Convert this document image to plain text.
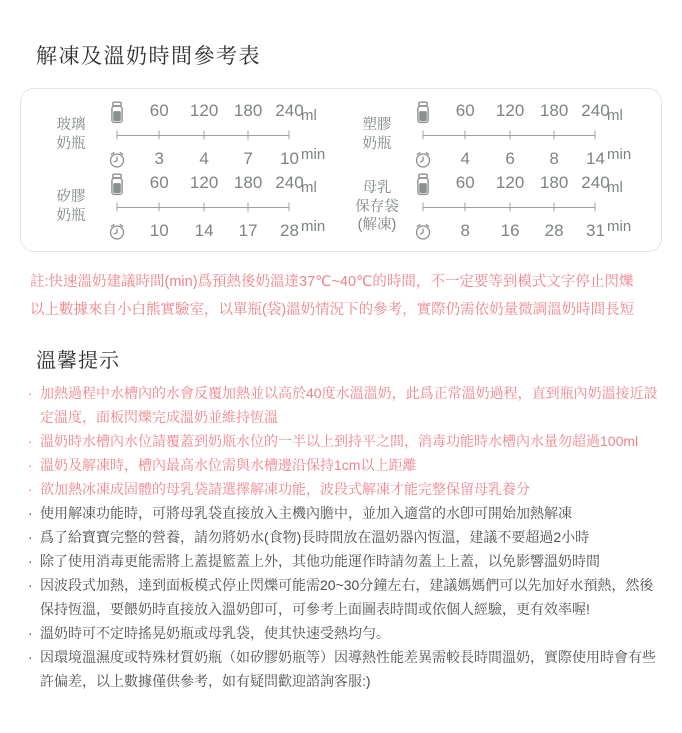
解凍及溫奶時間參考表
玻璃
奶瓶
60 120 180 240
3 4 7 10
ml
min
塑膠
奶瓶
60 120 180 240
4 6 8 14
ml
min
矽膠
奶瓶
60 120 180 240
10 14 17 28
ml
min
母乳
保存袋
(解凍)
60 120 180 240
8 16 28 31
ml
min
註:快速溫奶建議時間(min)爲預熱後奶溫達37℃~40℃的時間，不一定要等到模式文字停止閃爍
以上數據來自小白熊實驗室，以單瓶(袋)溫奶情況下的參考，實際仍需依奶量微調溫奶時間長短
溫馨提示
· 加熱過程中水槽內的水會反覆加熱並以高於40度水溫溫奶，此爲正常溫奶過程，直到瓶內奶溫接近設定溫度，面板閃爍完成溫奶並維持恆溫
· 溫奶時水槽內水位請覆蓋到奶瓶水位的一半以上到持平之間，消毒功能時水槽內水量勿超過100ml
· 溫奶及解凍時，槽內最高水位需與水槽邊沿保持1cm以上距離
· 欲加熱冰凍成固體的母乳袋請選擇解凍功能，波段式解凍才能完整保留母乳養分
· 使用解凍功能時，可將母乳袋直接放入主機內膽中，並加入適當的水卽可開始加熱解凍
· 爲了給寶寶完整的營養，請勿將奶水(食物)長時間放在溫奶器內恆溫，建議不要超過2小時
· 除了使用消毒更能需將上蓋提籃蓋上外，其他功能運作時請勿蓋上上蓋，以免影響溫奶時間
· 因波段式加熱，達到面板模式停止閃爍可能需20~30分鐘左右，建議媽媽們可以先加好水預熱，然後保持恆溫，要餵奶時直接放入溫奶卽可，可參考上面圖表時間或依個人經驗，更有效率喔!
· 溫奶時可不定時搖晃奶瓶或母乳袋，使其快速受熱均勻。
· 因環境溫濕度或特殊材質奶瓶（如矽膠奶瓶等）因導熱性能差異需較長時間溫奶，實際使用時會有些許偏差，以上數據僅供參考，如有疑問歡迎諮詢客服:)
